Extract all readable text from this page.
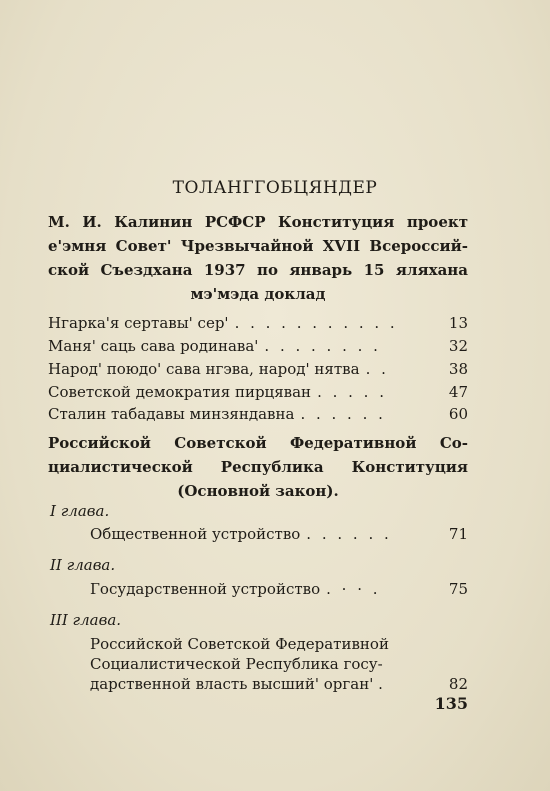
ТОЛАНГГОБЦЯНДЕР
М. И. Калинин РСФСР Конституция проект
е'эмня Совет' Чрезвычайной XVII Всероссий-
ской Съездхана 1937 по январь 15 яляхана
мэ'мэда доклад
Нгарка'я сертавы' сер' . . . . . . . . . . .	13
Маня' саць сава родинава' . . . . . . . .	32
Народ' поюдо' сава нгэва, народ' нятва . .	38
Советской демократия пирцяван . . . . .	47
Сталин табадавы минзяндавна . . . . . .	60
Российской Советской Федеративной Со-
циалистической Республика Конституция
(Основной закон).
I глава.
Общественной устройство . . . . . .	71
II глава.
Государственной устройство . · · .	75
III глава.
Российской Советской Федеративной
Социалистической Республика госу-
дарственной власть высший' орган' .	82
135
